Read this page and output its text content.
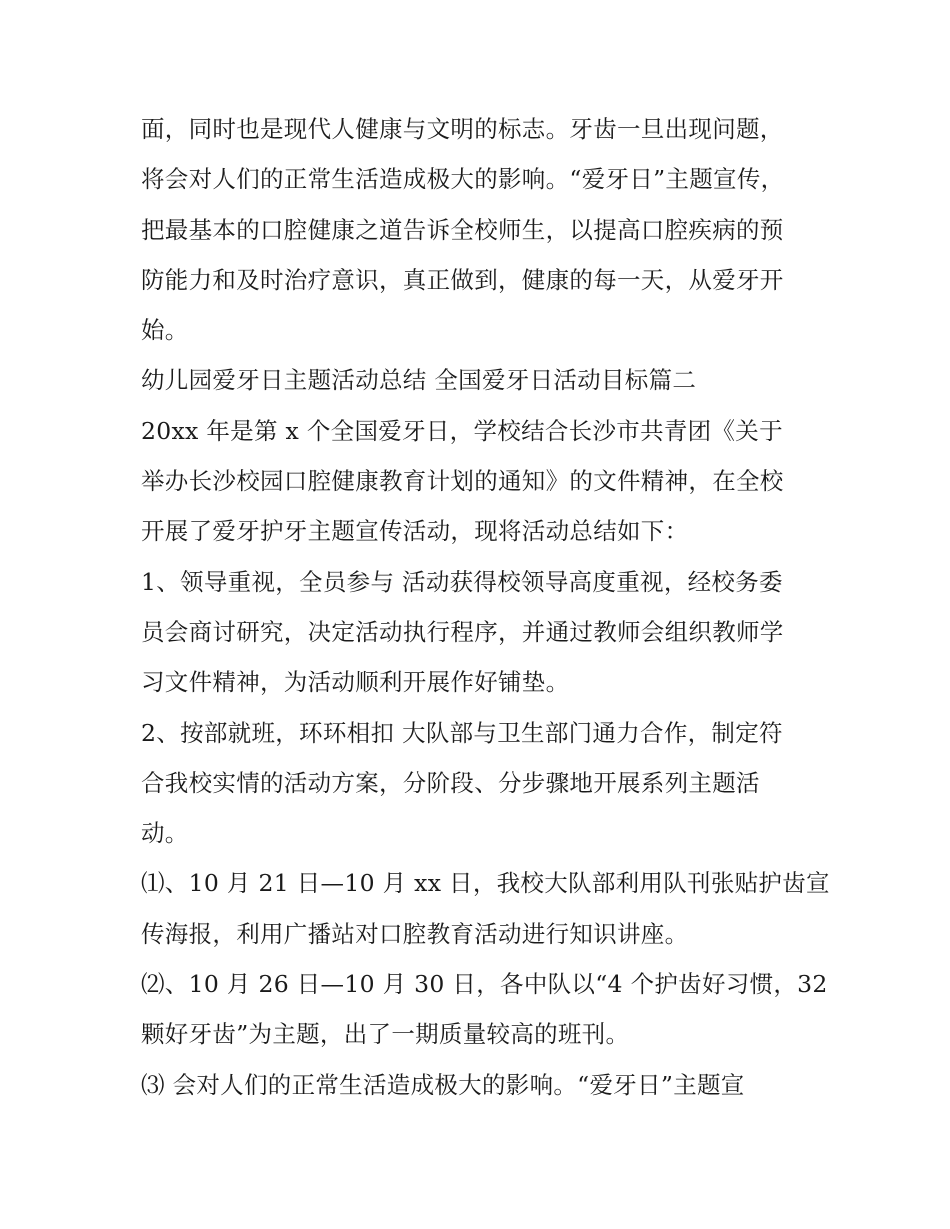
面，同时也是现代人健康与文明的标志。牙齿一旦出现问题，
将会对人们的正常生活造成极大的影响。“爱牙日”主题宣传，
把最基本的口腔健康之道告诉全校师生，以提高口腔疾病的预
防能力和及时治疗意识，真正做到，健康的每一天，从爱牙开
始。
幼儿园爱牙日主题活动总结 全国爱牙日活动目标篇二
20xx 年是第 x 个全国爱牙日，学校结合长沙市共青团《关于
举办长沙校园口腔健康教育计划的通知》的文件精神，在全校
开展了爱牙护牙主题宣传活动，现将活动总结如下：
1、领导重视，全员参与 活动获得校领导高度重视，经校务委
员会商讨研究，决定活动执行程序，并通过教师会组织教师学
习文件精神，为活动顺利开展作好铺垫。
2、按部就班，环环相扣 大队部与卫生部门通力合作，制定符
合我校实情的活动方案，分阶段、分步骤地开展系列主题活
动。
⑴、10 月 21 日—10 月 xx 日，我校大队部利用队刊张贴护齿宣
传海报，利用广播站对口腔教育活动进行知识讲座。
⑵、10 月 26 日—10 月 30 日，各中队以“4 个护齿好习惯，32
颗好牙齿”为主题，出了一期质量较高的班刊。
⑶ 会对人们的正常生活造成极大的影响。“爱牙日”主题宣
